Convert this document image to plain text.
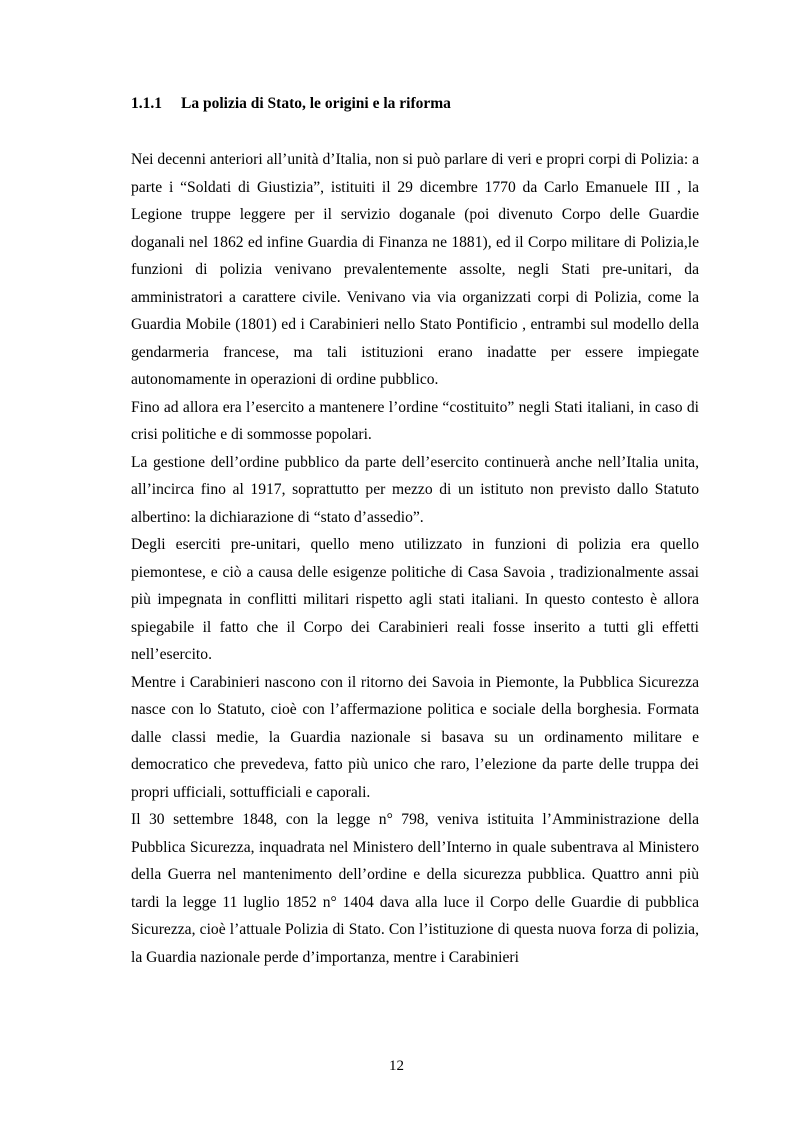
1.1.1 La polizia di Stato, le origini e la riforma

Nei decenni anteriori all’unità d’Italia, non si può parlare di veri e propri corpi di Polizia: a parte i “Soldati di Giustizia”, istituiti il 29 dicembre 1770 da Carlo Emanuele III , la Legione truppe leggere per il servizio doganale (poi divenuto Corpo delle Guardie doganali nel 1862 ed infine Guardia di Finanza ne 1881), ed il Corpo militare di Polizia,le funzioni di polizia venivano prevalentemente assolte, negli Stati pre-unitari, da amministratori a carattere civile. Venivano via via organizzati corpi di Polizia, come la Guardia Mobile (1801) ed i Carabinieri nello Stato Pontificio , entrambi sul modello della gendarmeria francese, ma tali istituzioni erano inadatte per essere impiegate autonomamente in operazioni di ordine pubblico.

Fino ad allora era l’esercito a mantenere l’ordine “costituito” negli Stati italiani, in caso di crisi politiche e di sommosse popolari.

La gestione dell’ordine pubblico da parte dell’esercito continuerà anche nell’Italia unita, all’incirca fino al 1917, soprattutto per mezzo di un istituto non previsto dallo Statuto albertino: la dichiarazione di “stato d’assedio”.

Degli eserciti pre-unitari, quello meno utilizzato in funzioni di polizia era quello piemontese, e ciò a causa delle esigenze politiche di Casa Savoia , tradizionalmente assai più impegnata in conflitti militari rispetto agli stati italiani. In questo contesto è allora spiegabile il fatto che il Corpo dei Carabinieri reali fosse inserito a tutti gli effetti nell’esercito.

Mentre i Carabinieri nascono con il ritorno dei Savoia in Piemonte, la Pubblica Sicurezza nasce con lo Statuto, cioè con l’affermazione politica e sociale della borghesia. Formata dalle classi medie, la Guardia nazionale si basava su un ordinamento militare e democratico che prevedeva, fatto più unico che raro, l’elezione da parte delle truppa dei propri ufficiali, sottufficiali e caporali.

Il 30 settembre 1848, con la legge n° 798, veniva istituita l’Amministrazione della Pubblica Sicurezza, inquadrata nel Ministero dell’Interno in quale subentrava al Ministero della Guerra nel mantenimento dell’ordine e della sicurezza pubblica. Quattro anni più tardi la legge 11 luglio 1852 n° 1404 dava alla luce il Corpo delle Guardie di pubblica Sicurezza, cioè l’attuale Polizia di Stato. Con l’istituzione di questa nuova forza di polizia, la Guardia nazionale perde d’importanza, mentre i Carabinieri

12
